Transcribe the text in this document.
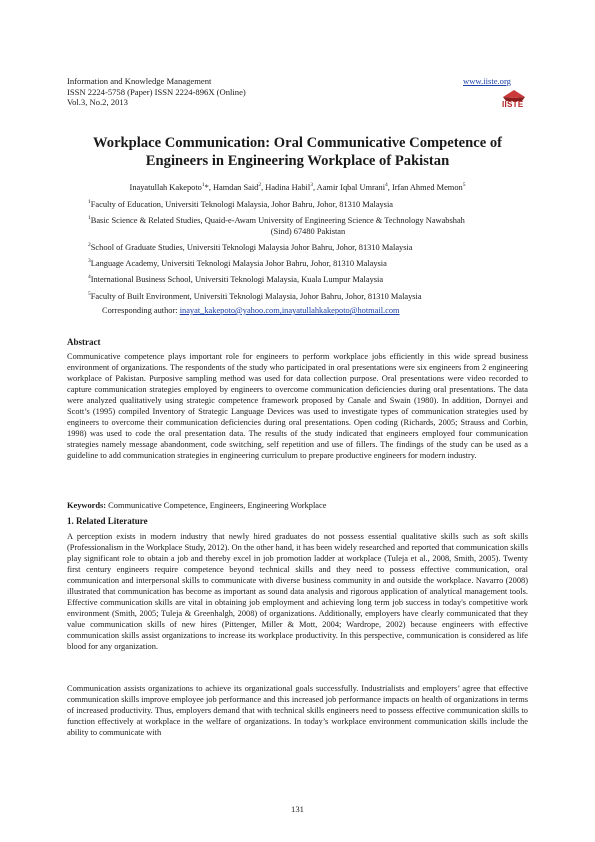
Information and Knowledge Management
ISSN 2224-5758 (Paper) ISSN 2224-896X (Online)
Vol.3, No.2, 2013
www.iiste.org
IISTE
Workplace Communication: Oral Communicative Competence of
Engineers in Engineering Workplace of Pakistan
Inayatullah Kakepoto$^1$*, Hamdan Said$^2$, Hadina Habil$^3$, Aamir Iqbal Umrani$^4$, Irfan Ahmed Memon$^5$
$^1$Faculty of Education, Universiti Teknologi Malaysia, Johor Bahru, Johor, 81310 Malaysia
$^1$Basic Science & Related Studies, Quaid-e-Awam University of Engineering Science & Technology Nawabshah
(Sind) 67480 Pakistan
$^2$School of Graduate Studies, Universiti Teknologi Malaysia Johor Bahru, Johor, 81310 Malaysia
$^3$Language Academy, Universiti Teknologi Malaysia Johor Bahru, Johor, 81310 Malaysia
$^4$International Business School, Universiti Teknologi Malaysia, Kuala Lumpur Malaysia
$^5$Faculty of Built Environment, Universiti Teknologi Malaysia, Johor Bahru, Johor, 81310 Malaysia
Corresponding author: inayat_kakepoto@yahoo.com,inayatullahkakepoto@hotmail.com
Abstract
Communicative competence plays important role for engineers to perform workplace jobs efficiently in this wide spread business environment of organizations. The respondents of the study who participated in oral presentations were six engineers from 2 engineering workplace of Pakistan. Purposive sampling method was used for data collection purpose. Oral presentations were video recorded to capture communication strategies employed by engineers to overcome communication deficiencies during oral presentations. The data were analyzed qualitatively using strategic competence framework proposed by Canale and Swain (1980). In addition, Dornyei and Scott’s (1995) compiled Inventory of Strategic Language Devices was used to investigate types of communication strategies used by engineers to overcome their communication deficiencies during oral presentations. Open coding (Richards, 2005; Strauss and Corbin, 1998) was used to code the oral presentation data. The results of the study indicated that engineers employed four communication strategies namely message abandonment, code switching, self repetition and use of fillers. The findings of the study can be used as a guideline to add communication strategies in engineering curriculum to prepare productive engineers for modern industry.
Keywords: Communicative Competence, Engineers, Engineering Workplace
1. Related Literature
A perception exists in modern industry that newly hired graduates do not possess essential qualitative skills such as soft skills (Professionalism in the Workplace Study, 2012). On the other hand, it has been widely researched and reported that communication skills play significant role to obtain a job and thereby excel in job promotion ladder at workplace (Tuleja et al., 2008, Smith, 2005). Twenty first century engineers require competence beyond technical skills and they need to possess effective communication, oral communication and interpersonal skills to communicate with diverse business community in and outside the workplace. Navarro (2008) illustrated that communication has become as important as sound data analysis and rigorous application of analytical management tools. Effective communication skills are vital in obtaining job employment and achieving long term job success in today's competitive work environment (Smith, 2005; Tuleja & Greenhalgh, 2008) of organizations. Additionally, employers have clearly communicated that they value communication skills of new hires (Pittenger, Miller & Mott, 2004; Wardrope, 2002) because engineers with effective communication skills assist organizations to increase its workplace productivity. In this perspective, communication is considered as life blood for any organization.
Communication assists organizations to achieve its organizational goals successfully. Industrialists and employers’ agree that effective communication skills improve employee job performance and this increased job performance impacts on health of organizations in terms of increased productivity. Thus, employers demand that with technical skills engineers need to possess effective communication skills to function effectively at workplace in the welfare of organizations. In today’s workplace environment communication skills include the ability to communicate with
131
